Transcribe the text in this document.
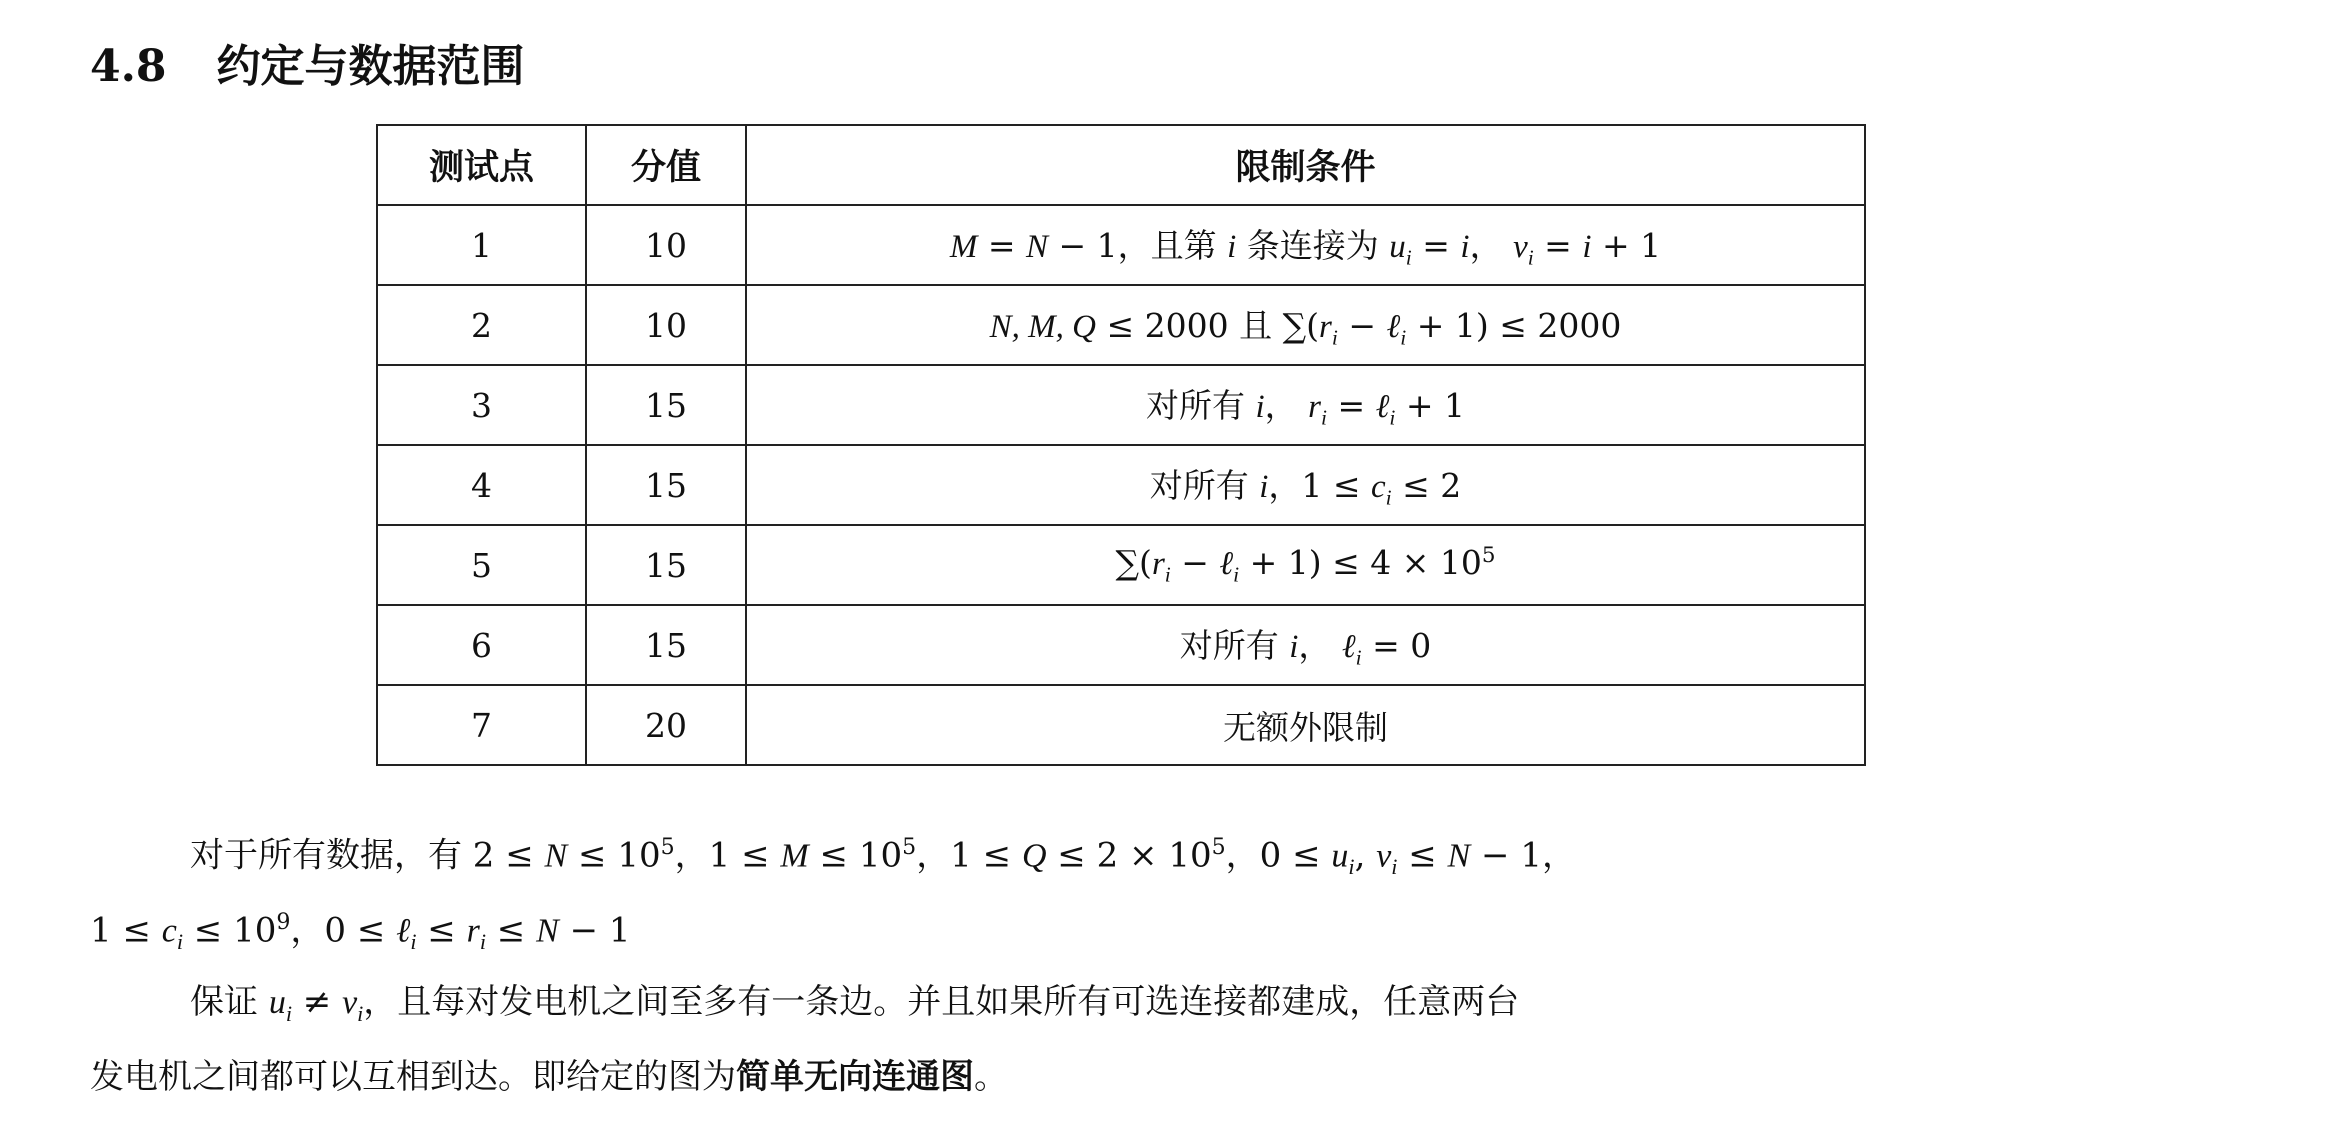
4.8 约定与数据范围
测试点	分值	限制条件
1	10	M = N − 1，且第 i 条连接为 $u_i = i$， $v_i = i + 1$
2	10	N, M, Q ≤ 2000 且 $\sum(r_i$ − ℓ$_i$ + 1) ≤ 2000
3	15	对所有 i， $r_i$ = ℓ$_i$ + 1
4	15	对所有 i，$1 \le c_i \le 2$
5	15	$\sum(r_i$ − ℓ$_i$ + $1) \le 4 \times 10^5$
6	15	对所有 i， ℓ$_i$ = 0
7	20	无额外限制
对于所有数据，有 $2 \le N \le 10^5$，$1 \le M \le 10^5$，$1 \le Q \le 2 \times 10^5$，$0 \le u_i$, $v_i \le N - 1$，
$1 \le c_i \le 10^9$，0 ≤ ℓ$_i$ ≤ $r_i \le N - 1$
保证 $u_i \ne v_i$，且每对发电机之间至多有一条边。并且如果所有可选连接都建成，任意两台
发电机之间都可以互相到达。即给定的图为简单无向连通图。
